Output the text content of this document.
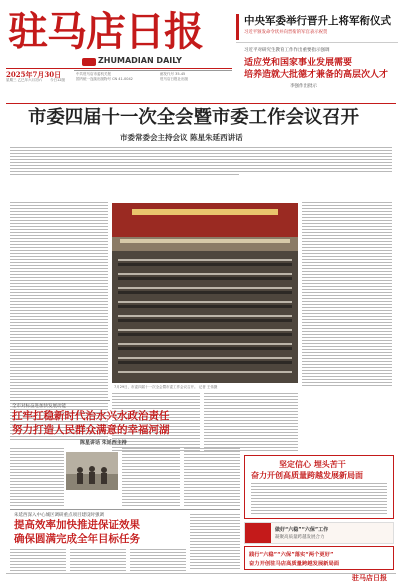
驻马店日报
ZHUMADIAN DAILY
2025年7月30日
星期三 乙巳年六月初六 今日12版
中共驻马店市委机关报
国内统一连续出版物号 CN 41-0042
邮发代号 35-45
驻马店日报社出版
中央军委举行晋升上将军衔仪式
习近平颁发命令状并向晋衔的军官表示祝贺
习近平对研究生教育工作作出重要指示强调
适应党和国家事业发展需要
培养造就大批德才兼备的高层次人才
李强作出批示
市委四届十一次全会暨市委工作会议召开
市委常委会主持会议 陈星朱延西讲话
7月29日，市委四届十一次全会暨市委工作会议召开。 记者 王伟摄
全市对标奋进加快发展动能
扛牢扛稳新时代治水兴水政治责任
努力打造人民群众满意的幸福河湖
陈星讲话 朱延西主持
坚定信心 埋头苦干
奋力开创高质量跨越发展新局面
朱延西深入中心城区调研重点项目建设时强调
提高效率加快推进保证效果
确保圆满完成全年目标任务
做好“六稳”“六保”工作
凝聚高质量跨越发展合力
践行“六稳”“六保”落实“两个更好”
奋力开创驻马店高质量跨越发展新局面
驻马店日报
